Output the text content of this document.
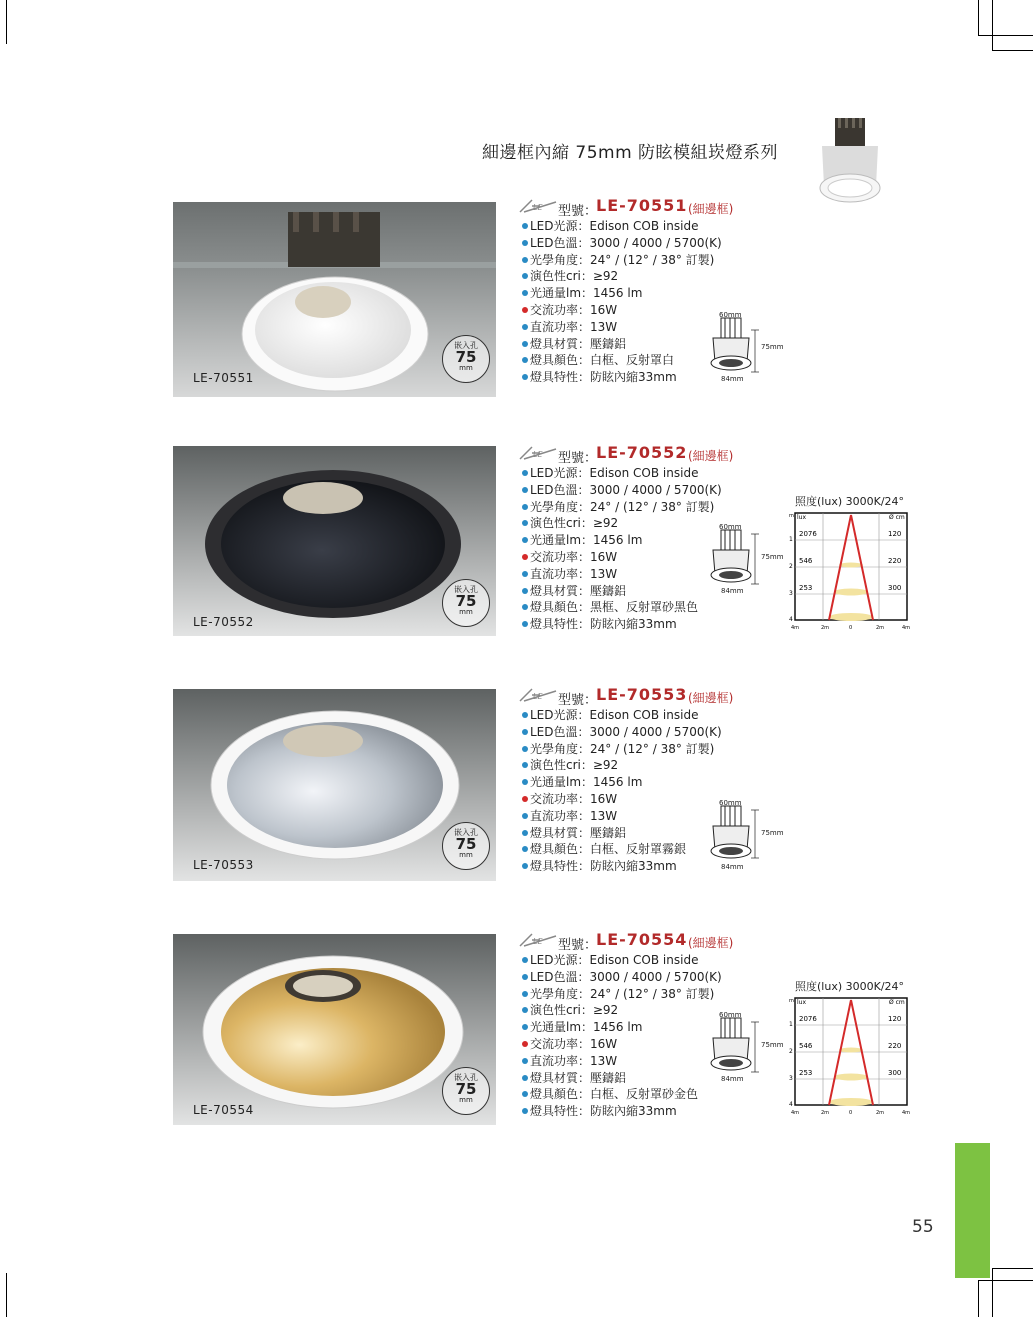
細邊框內縮 75mm 防眩模組崁燈系列
LE-70551
嵌入孔
75
mm
LE 型號：
LE-70551 (細邊框)
LED光源：Edison COB inside
LED色溫：3000 / 4000 / 5700(K)
光學角度：24° / (12° / 38° 訂製)
演色性cri：≥92
光通量lm：1456 lm
交流功率：16W
直流功率：13W
燈具材質：壓鑄鋁
燈具顏色：白框、反射罩白
燈具特性：防眩內縮33mm
60mm
75mm
84mm
LE-70552
嵌入孔
75
mm
LE 型號：
LE-70552 (細邊框)
LED光源：Edison COB inside
LED色溫：3000 / 4000 / 5700(K)
光學角度：24° / (12° / 38° 訂製)
演色性cri：≥92
光通量lm：1456 lm
交流功率：16W
直流功率：13W
燈具材質：壓鑄鋁
燈具顏色：黑框、反射罩砂黑色
燈具特性：防眩內縮33mm
60mm
75mm
84mm
照度(lux) 3000K/24°
m lux	Ø cm
1
2
3
4
2076
546
253
120
220
300
4m	2m	0	2m	4m
LE-70553
嵌入孔
75
mm
LE 型號：
LE-70553 (細邊框)
LED光源：Edison COB inside
LED色溫：3000 / 4000 / 5700(K)
光學角度：24° / (12° / 38° 訂製)
演色性cri：≥92
光通量lm：1456 lm
交流功率：16W
直流功率：13W
燈具材質：壓鑄鋁
燈具顏色：白框、反射罩霧銀
燈具特性：防眩內縮33mm
60mm
75mm
84mm
LE-70554
嵌入孔
75
mm
LE 型號：
LE-70554 (細邊框)
LED光源：Edison COB inside
LED色溫：3000 / 4000 / 5700(K)
光學角度：24° / (12° / 38° 訂製)
演色性cri：≥92
光通量lm：1456 lm
交流功率：16W
直流功率：13W
燈具材質：壓鑄鋁
燈具顏色：白框、反射罩砂金色
燈具特性：防眩內縮33mm
60mm
75mm
84mm
照度(lux) 3000K/24°
m lux	Ø cm
1
2
3
4
2076
546
253
120
220
300
4m	2m	0	2m	4m
55
